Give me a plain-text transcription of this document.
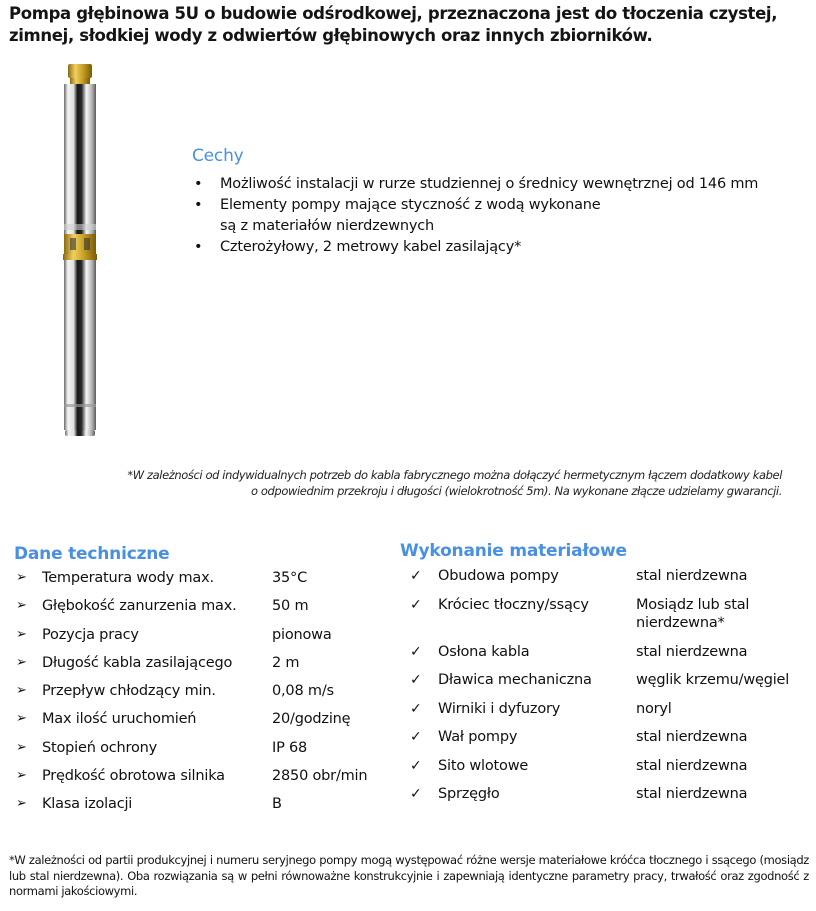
Pompa głębinowa 5U o budowie odśrodkowej, przeznaczona jest do tłoczenia czystej, zimnej, słodkiej wody z odwiertów głębinowych oraz innych zbiorników.
Cechy
• Możliwość instalacji w rurze studziennej o średnicy wewnętrznej od 146 mm
• Elementy pompy mające styczność z wodą wykonane
są z materiałów nierdzewnych
• Czterożyłowy, 2 metrowy kabel zasilający*
*W zależności od indywidualnych potrzeb do kabla fabrycznego można dołączyć hermetycznym łączem dodatkowy kabel
o odpowiednim przekroju i długości (wielokrotność 5m). Na wykonane złącze udzielamy gwarancji.
Dane techniczne
➢	Temperatura wody max.	35°C
➢	Głębokość zanurzenia max.	50 m
➢	Pozycja pracy	pionowa
➢	Długość kabla zasilającego	2 m
➢	Przepływ chłodzący min.	0,08 m/s
➢	Max ilość uruchomień	20/godzinę
➢	Stopień ochrony	IP 68
➢	Prędkość obrotowa silnika	2850 obr/min
➢	Klasa izolacji	B
Wykonanie materiałowe
✓	Obudowa pompy	stal nierdzewna
✓	Króciec tłoczny/ssący	Mosiądz lub stal
nierdzewna*
✓	Osłona kabla	stal nierdzewna
✓	Dławica mechaniczna	węglik krzemu/węgiel
✓	Wirniki i dyfuzory	noryl
✓	Wał pompy	stal nierdzewna
✓	Sito wlotowe	stal nierdzewna
✓	Sprzęgło	stal nierdzewna
*W zależności od partii produkcyjnej i numeru seryjnego pompy mogą występować różne wersje materiałowe króćca tłocznego i ssącego (mosiądz lub stal nierdzewna). Oba rozwiązania są w pełni równoważne konstrukcyjnie i zapewniają identyczne parametry pracy, trwałość oraz zgodność z normami jakościowymi.
